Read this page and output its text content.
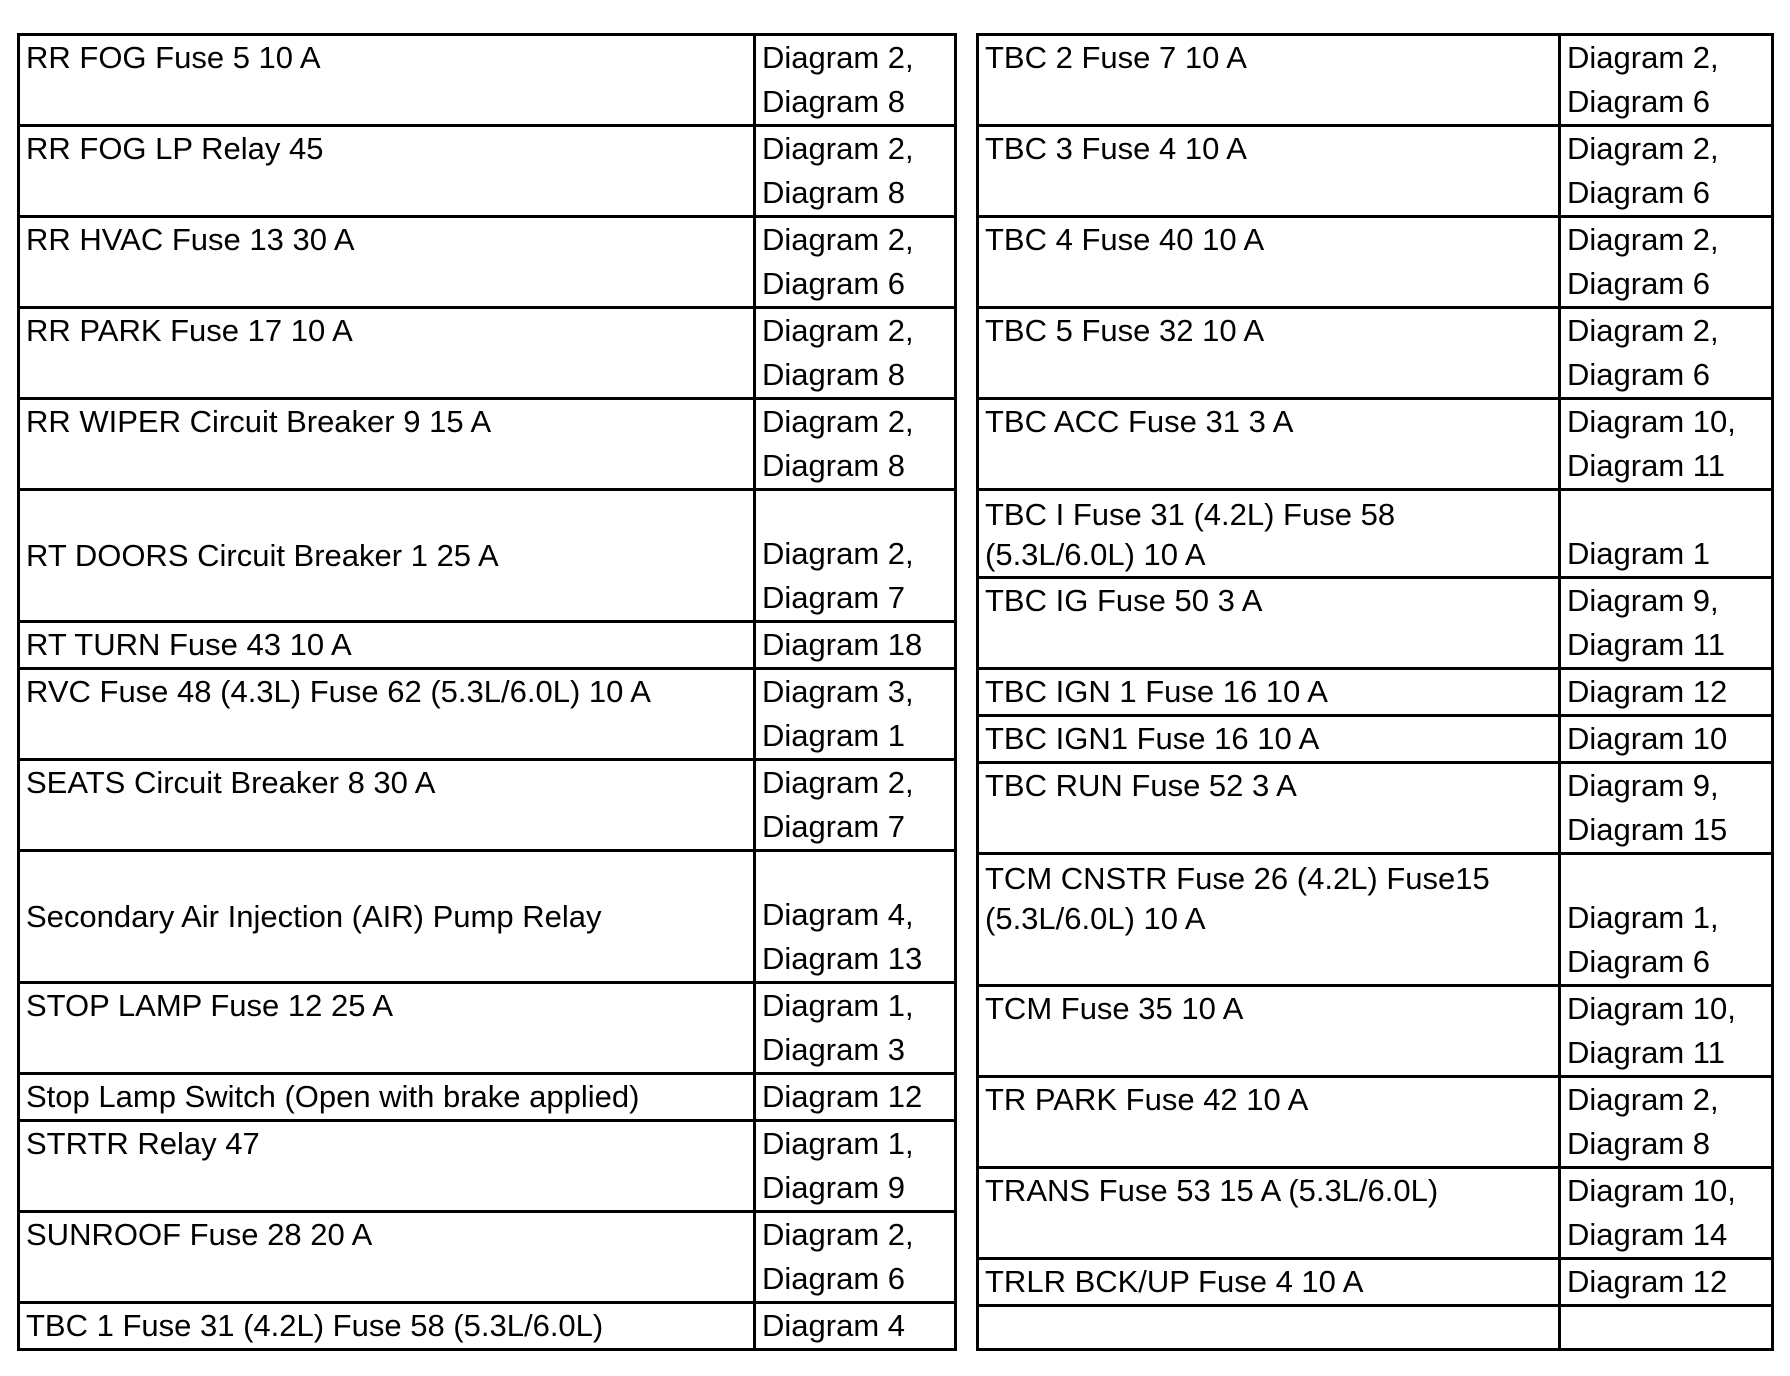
RR FOG Fuse 5 10 A	Diagram 2,
Diagram 8
RR FOG LP Relay 45	Diagram 2,
Diagram 8
RR HVAC Fuse 13 30 A	Diagram 2,
Diagram 6
RR PARK Fuse 17 10 A	Diagram 2,
Diagram 8
RR WIPER Circuit Breaker 9 15 A	Diagram 2,
Diagram 8
RT DOORS Circuit Breaker 1 25 A	Diagram 2,
Diagram 7
RT TURN Fuse 43 10 A	Diagram 18
RVC Fuse 48 (4.3L) Fuse 62 (5.3L/6.0L) 10 A	Diagram 3,
Diagram 1
SEATS Circuit Breaker 8 30 A	Diagram 2,
Diagram 7
Secondary Air Injection (AIR) Pump Relay	Diagram 4,
Diagram 13
STOP LAMP Fuse 12 25 A	Diagram 1,
Diagram 3
Stop Lamp Switch (Open with brake applied)	Diagram 12
STRTR Relay 47	Diagram 1,
Diagram 9
SUNROOF Fuse 28 20 A	Diagram 2,
Diagram 6
TBC 1 Fuse 31 (4.2L) Fuse 58 (5.3L/6.0L)	Diagram 4
TBC 2 Fuse 7 10 A	Diagram 2,
Diagram 6
TBC 3 Fuse 4 10 A	Diagram 2,
Diagram 6
TBC 4 Fuse 40 10 A	Diagram 2,
Diagram 6
TBC 5 Fuse 32 10 A	Diagram 2,
Diagram 6
TBC ACC Fuse 31 3 A	Diagram 10,
Diagram 11
TBC I Fuse 31 (4.2L) Fuse 58
(5.3L/6.0L) 10 A	Diagram 1
TBC IG Fuse 50 3 A	Diagram 9,
Diagram 11
TBC IGN 1 Fuse 16 10 A	Diagram 12
TBC IGN1 Fuse 16 10 A	Diagram 10
TBC RUN Fuse 52 3 A	Diagram 9,
Diagram 15
TCM CNSTR Fuse 26 (4.2L) Fuse15
(5.3L/6.0L) 10 A	Diagram 1,
Diagram 6
TCM Fuse 35 10 A	Diagram 10,
Diagram 11
TR PARK Fuse 42 10 A	Diagram 2,
Diagram 8
TRANS Fuse 53 15 A (5.3L/6.0L)	Diagram 10,
Diagram 14
TRLR BCK/UP Fuse 4 10 A	Diagram 12
